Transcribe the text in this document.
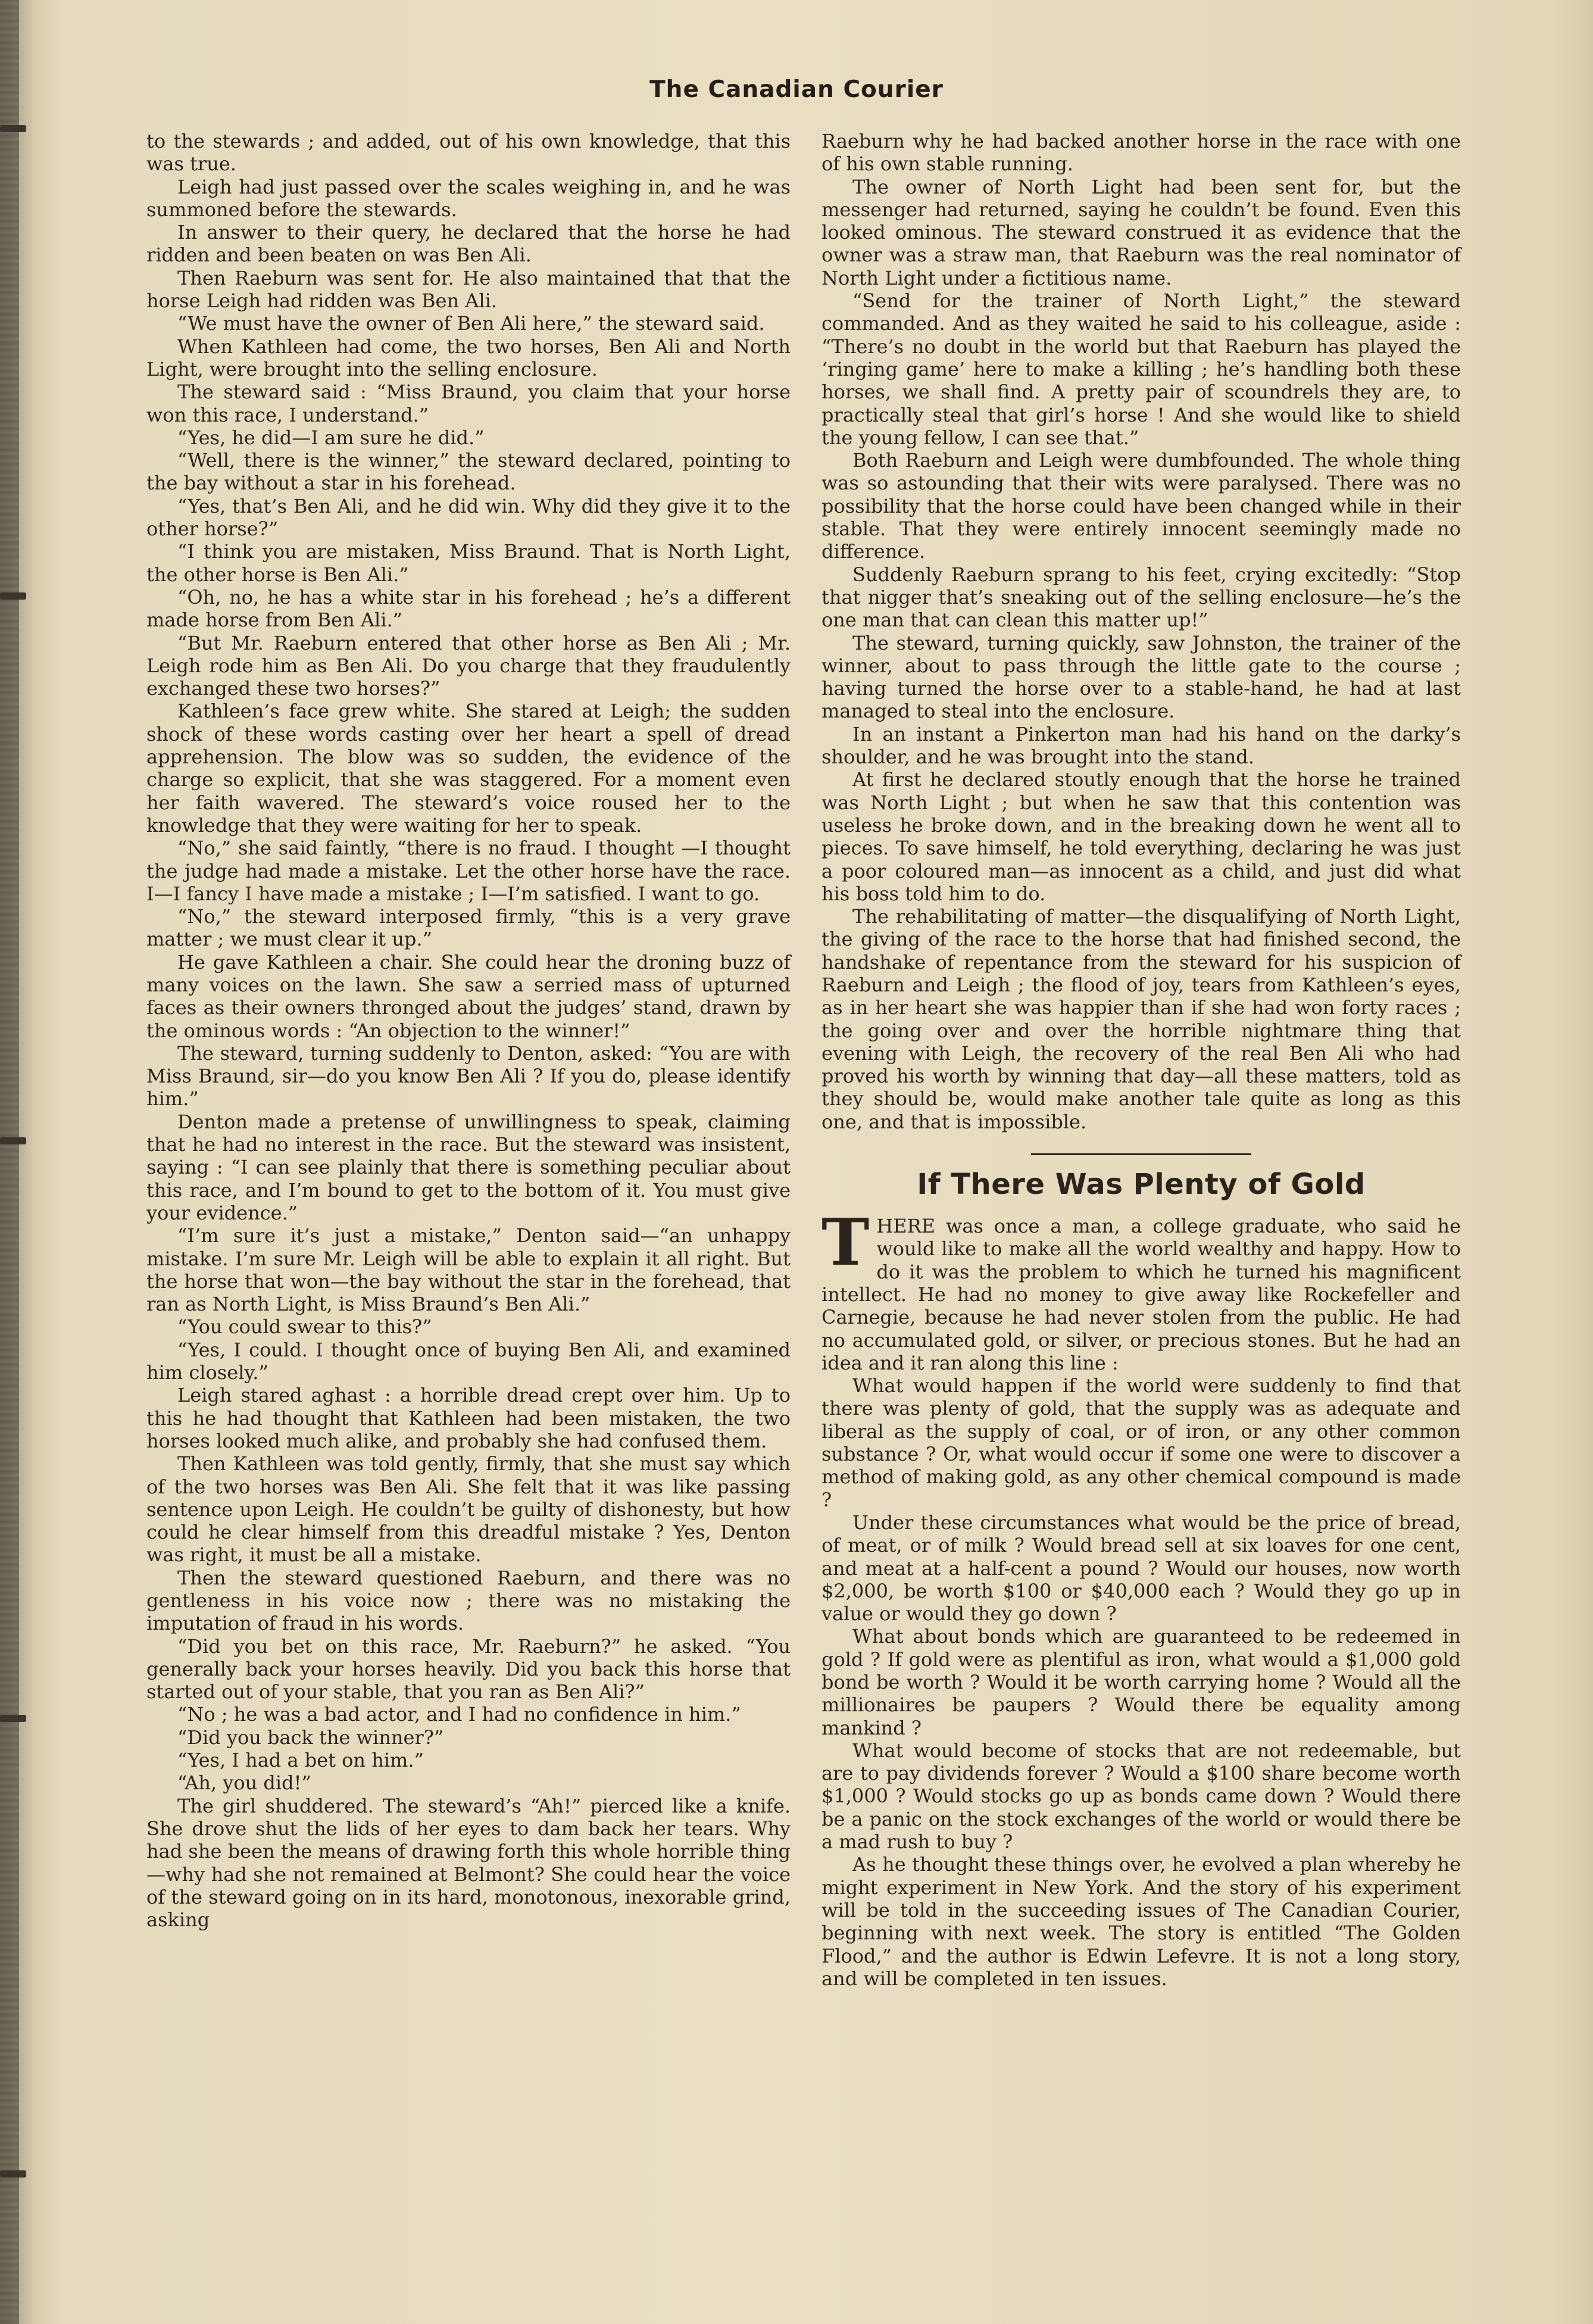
The Canadian Courier

to the stewards ; and added, out of his own knowledge, that this was true.

Leigh had just passed over the scales weighing in, and he was summoned before the stewards.

In answer to their query, he declared that the horse he had ridden and been beaten on was Ben Ali.

Then Raeburn was sent for. He also maintained that that the horse Leigh had ridden was Ben Ali.

“We must have the owner of Ben Ali here,” the steward said.

When Kathleen had come, the two horses, Ben Ali and North Light, were brought into the selling enclosure.

The steward said : “Miss Braund, you claim that your horse won this race, I understand.”

“Yes, he did—I am sure he did.”

“Well, there is the winner,” the steward declared, pointing to the bay without a star in his forehead.

“Yes, that’s Ben Ali, and he did win. Why did they give it to the other horse?”

“I think you are mistaken, Miss Braund. That is North Light, the other horse is Ben Ali.”

“Oh, no, he has a white star in his forehead ; he’s a different made horse from Ben Ali.”

“But Mr. Raeburn entered that other horse as Ben Ali ; Mr. Leigh rode him as Ben Ali. Do you charge that they fraudulently exchanged these two horses?”

Kathleen’s face grew white. She stared at Leigh; the sudden shock of these words casting over her heart a spell of dread apprehension. The blow was so sudden, the evidence of the charge so explicit, that she was staggered. For a moment even her faith wavered. The steward’s voice roused her to the knowledge that they were waiting for her to speak.

“No,” she said faintly, “there is no fraud. I thought —I thought the judge had made a mistake. Let the other horse have the race. I—I fancy I have made a mistake ; I—I’m satisfied. I want to go.

“No,” the steward interposed firmly, “this is a very grave matter ; we must clear it up.”

He gave Kathleen a chair. She could hear the droning buzz of many voices on the lawn. She saw a serried mass of upturned faces as their owners thronged about the judges’ stand, drawn by the ominous words : “An objection to the winner!”

The steward, turning suddenly to Denton, asked: “You are with Miss Braund, sir—do you know Ben Ali ? If you do, please identify him.”

Denton made a pretense of unwillingness to speak, claiming that he had no interest in the race. But the steward was insistent, saying : “I can see plainly that there is something peculiar about this race, and I’m bound to get to the bottom of it. You must give your evidence.”

“I’m sure it’s just a mistake,” Denton said—“an unhappy mistake. I’m sure Mr. Leigh will be able to explain it all right. But the horse that won—the bay without the star in the forehead, that ran as North Light, is Miss Braund’s Ben Ali.”

“You could swear to this?”

“Yes, I could. I thought once of buying Ben Ali, and examined him closely.”

Leigh stared aghast : a horrible dread crept over him. Up to this he had thought that Kathleen had been mistaken, the two horses looked much alike, and probably she had confused them.

Then Kathleen was told gently, firmly, that she must say which of the two horses was Ben Ali. She felt that it was like passing sentence upon Leigh. He couldn’t be guilty of dishonesty, but how could he clear himself from this dreadful mistake ? Yes, Denton was right, it must be all a mistake.

Then the steward questioned Raeburn, and there was no gentleness in his voice now ; there was no mistaking the imputation of fraud in his words.

“Did you bet on this race, Mr. Raeburn?” he asked. “You generally back your horses heavily. Did you back this horse that started out of your stable, that you ran as Ben Ali?”

“No ; he was a bad actor, and I had no confidence in him.”

“Did you back the winner?”

“Yes, I had a bet on him.”

“Ah, you did!”

The girl shuddered. The steward’s “Ah!” pierced like a knife. She drove shut the lids of her eyes to dam back her tears. Why had she been the means of drawing forth this whole horrible thing—why had she not remained at Belmont? She could hear the voice of the steward going on in its hard, monotonous, inexorable grind, asking

Raeburn why he had backed another horse in the race with one of his own stable running.

The owner of North Light had been sent for, but the messenger had returned, saying he couldn’t be found. Even this looked ominous. The steward construed it as evidence that the owner was a straw man, that Raeburn was the real nominator of North Light under a fictitious name.

“Send for the trainer of North Light,” the steward commanded. And as they waited he said to his colleague, aside : “There’s no doubt in the world but that Raeburn has played the ‘ringing game’ here to make a killing ; he’s handling both these horses, we shall find. A pretty pair of scoundrels they are, to practically steal that girl’s horse ! And she would like to shield the young fellow, I can see that.”

Both Raeburn and Leigh were dumbfounded. The whole thing was so astounding that their wits were paralysed. There was no possibility that the horse could have been changed while in their stable. That they were entirely innocent seemingly made no difference.

Suddenly Raeburn sprang to his feet, crying excitedly: “Stop that nigger that’s sneaking out of the selling enclosure—he’s the one man that can clean this matter up!”

The steward, turning quickly, saw Johnston, the trainer of the winner, about to pass through the little gate to the course ; having turned the horse over to a stable-hand, he had at last managed to steal into the enclosure.

In an instant a Pinkerton man had his hand on the darky’s shoulder, and he was brought into the stand.

At first he declared stoutly enough that the horse he trained was North Light ; but when he saw that this contention was useless he broke down, and in the breaking down he went all to pieces. To save himself, he told everything, declaring he was just a poor coloured man—as innocent as a child, and just did what his boss told him to do.

The rehabilitating of matter—the disqualifying of North Light, the giving of the race to the horse that had finished second, the handshake of repentance from the steward for his suspicion of Raeburn and Leigh ; the flood of joy, tears from Kathleen’s eyes, as in her heart she was happier than if she had won forty races ; the going over and over the horrible nightmare thing that evening with Leigh, the recovery of the real Ben Ali who had proved his worth by winning that day—all these matters, told as they should be, would make another tale quite as long as this one, and that is impossible.

If There Was Plenty of Gold

THERE was once a man, a college graduate, who said he would like to make all the world wealthy and happy. How to do it was the problem to which he turned his magnificent intellect. He had no money to give away like Rockefeller and Carnegie, because he had never stolen from the public. He had no accumulated gold, or silver, or precious stones. But he had an idea and it ran along this line :

What would happen if the world were suddenly to find that there was plenty of gold, that the supply was as adequate and liberal as the supply of coal, or of iron, or any other common substance ? Or, what would occur if some one were to discover a method of making gold, as any other chemical compound is made ?

Under these circumstances what would be the price of bread, of meat, or of milk ? Would bread sell at six loaves for one cent, and meat at a half-cent a pound ? Would our houses, now worth $2,000, be worth $100 or $40,000 each ? Would they go up in value or would they go down ?

What about bonds which are guaranteed to be redeemed in gold ? If gold were as plentiful as iron, what would a $1,000 gold bond be worth ? Would it be worth carrying home ? Would all the millionaires be paupers ? Would there be equality among mankind ?

What would become of stocks that are not redeemable, but are to pay dividends forever ? Would a $100 share become worth $1,000 ? Would stocks go up as bonds came down ? Would there be a panic on the stock exchanges of the world or would there be a mad rush to buy ?

As he thought these things over, he evolved a plan whereby he might experiment in New York. And the story of his experiment will be told in the succeeding issues of The Canadian Courier, beginning with next week. The story is entitled “The Golden Flood,” and the author is Edwin Lefevre. It is not a long story, and will be completed in ten issues.
